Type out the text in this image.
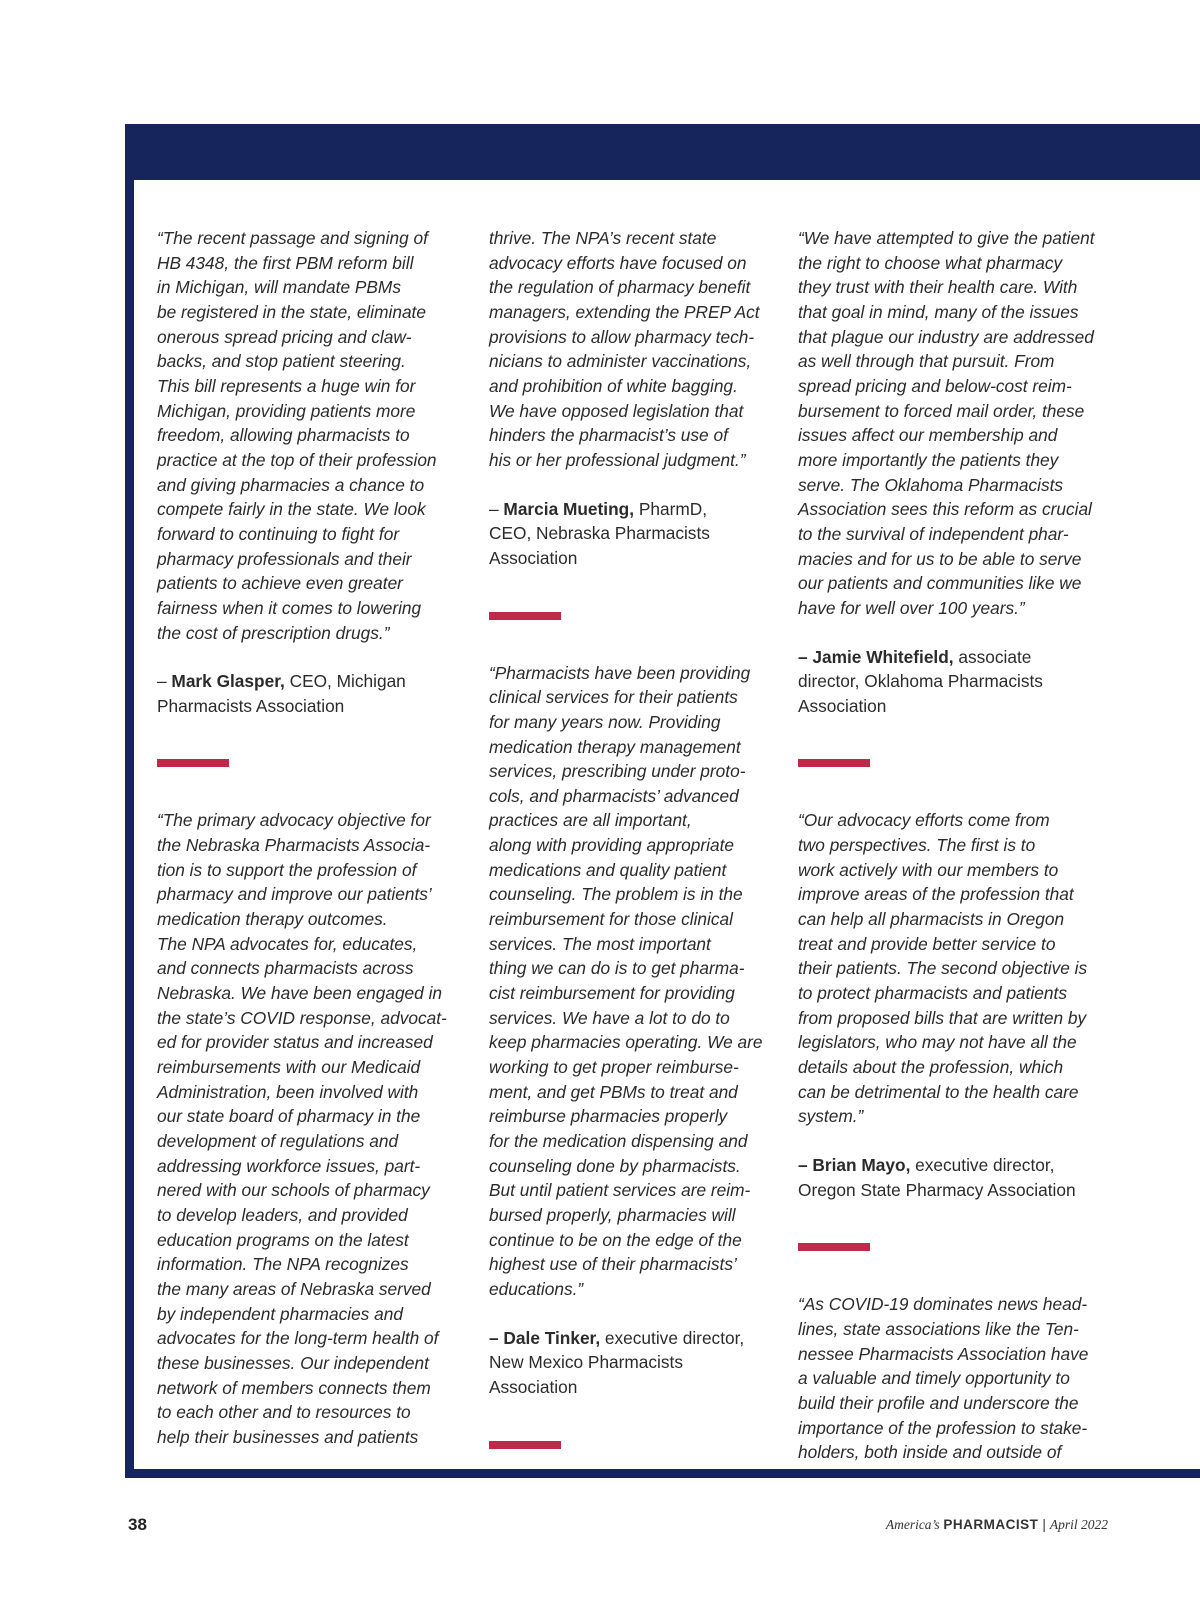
“The recent passage and signing of
HB 4348, the first PBM reform bill
in Michigan, will mandate PBMs
be registered in the state, eliminate
onerous spread pricing and claw-
backs, and stop patient steering.
This bill represents a huge win for
Michigan, providing patients more
freedom, allowing pharmacists to
practice at the top of their profession
and giving pharmacies a chance to
compete fairly in the state. We look
forward to continuing to fight for
pharmacy professionals and their
patients to achieve even greater
fairness when it comes to lowering
the cost of prescription drugs.”

– Mark Glasper, CEO, Michigan
Pharmacists Association

“The primary advocacy objective for
the Nebraska Pharmacists Associa-
tion is to support the profession of
pharmacy and improve our patients’
medication therapy outcomes.
The NPA advocates for, educates,
and connects pharmacists across
Nebraska. We have been engaged in
the state’s COVID response, advocat-
ed for provider status and increased
reimbursements with our Medicaid
Administration, been involved with
our state board of pharmacy in the
development of regulations and
addressing workforce issues, part-
nered with our schools of pharmacy
to develop leaders, and provided
education programs on the latest
information. The NPA recognizes
the many areas of Nebraska served
by independent pharmacies and
advocates for the long-term health of
these businesses. Our independent
network of members connects them
to each other and to resources to
help their businesses and patients

thrive. The NPA’s recent state
advocacy efforts have focused on
the regulation of pharmacy benefit
managers, extending the PREP Act
provisions to allow pharmacy tech-
nicians to administer vaccinations,
and prohibition of white bagging.
We have opposed legislation that
hinders the pharmacist’s use of
his or her professional judgment.”

– Marcia Mueting, PharmD,
CEO, Nebraska Pharmacists
Association

“Pharmacists have been providing
clinical services for their patients
for many years now. Providing
medication therapy management
services, prescribing under proto-
cols, and pharmacists’ advanced
practices are all important,
along with providing appropriate
medications and quality patient
counseling. The problem is in the
reimbursement for those clinical
services. The most important
thing we can do is to get pharma-
cist reimbursement for providing
services. We have a lot to do to
keep pharmacies operating. We are
working to get proper reimburse-
ment, and get PBMs to treat and
reimburse pharmacies properly
for the medication dispensing and
counseling done by pharmacists.
But until patient services are reim-
bursed properly, pharmacies will
continue to be on the edge of the
highest use of their pharmacists’
educations.”

– Dale Tinker, executive director,
New Mexico Pharmacists
Association

“We have attempted to give the patient
the right to choose what pharmacy
they trust with their health care. With
that goal in mind, many of the issues
that plague our industry are addressed
as well through that pursuit. From
spread pricing and below-cost reim-
bursement to forced mail order, these
issues affect our membership and
more importantly the patients they
serve. The Oklahoma Pharmacists
Association sees this reform as crucial
to the survival of independent phar-
macies and for us to be able to serve
our patients and communities like we
have for well over 100 years.”

– Jamie Whitefield, associate
director, Oklahoma Pharmacists
Association

“Our advocacy efforts come from
two perspectives. The first is to
work actively with our members to
improve areas of the profession that
can help all pharmacists in Oregon
treat and provide better service to
their patients. The second objective is
to protect pharmacists and patients
from proposed bills that are written by
legislators, who may not have all the
details about the profession, which
can be detrimental to the health care
system.”

– Brian Mayo, executive director,
Oregon State Pharmacy Association

“As COVID-19 dominates news head-
lines, state associations like the Ten-
nessee Pharmacists Association have
a valuable and timely opportunity to
build their profile and underscore the
importance of the profession to stake-
holders, both inside and outside of

38	America’s PHARMACIST | April 2022
